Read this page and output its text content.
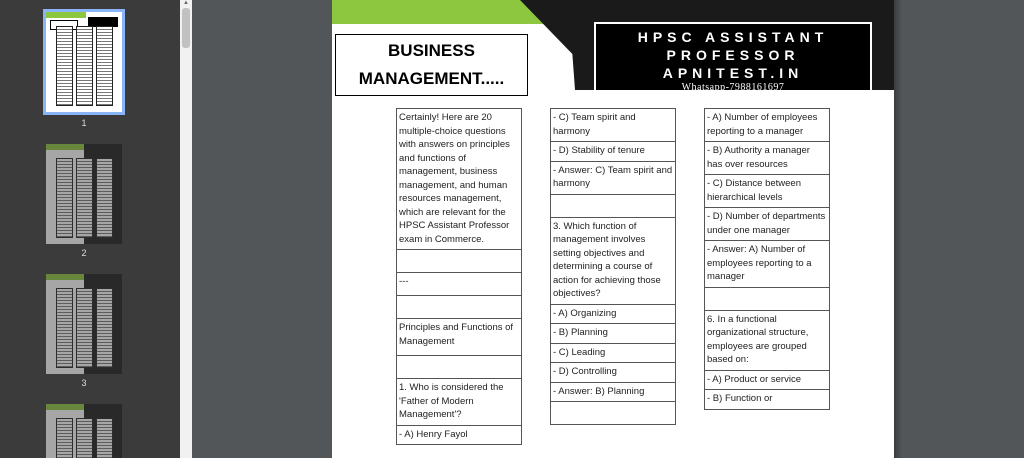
1
2
3
▲
BUSINESS
MANAGEMENT.....
HPSC ASSISTANT
PROFESSOR
APNITEST.IN
Whatsapp-7988161697
Certainly! Here are 20 multiple-choice questions with answers on principles and functions of management, business management, and human resources management, which are relevant for the HPSC Assistant Professor exam in Commerce.
---
Principles and Functions of Management
1. Who is considered the 'Father of Modern Management'?
- A) Henry Fayol
- C) Team spirit and harmony
- D) Stability of tenure
- Answer: C) Team spirit and harmony
3. Which function of management involves setting objectives and determining a course of action for achieving those objectives?
- A) Organizing
- B) Planning
- C) Leading
- D) Controlling
- Answer: B) Planning
- A) Number of employees reporting to a manager
- B) Authority a manager has over resources
- C) Distance between hierarchical levels
- D) Number of departments under one manager
- Answer: A) Number of employees reporting to a manager
6. In a functional organizational structure, employees are grouped based on:
- A) Product or service
- B) Function or
